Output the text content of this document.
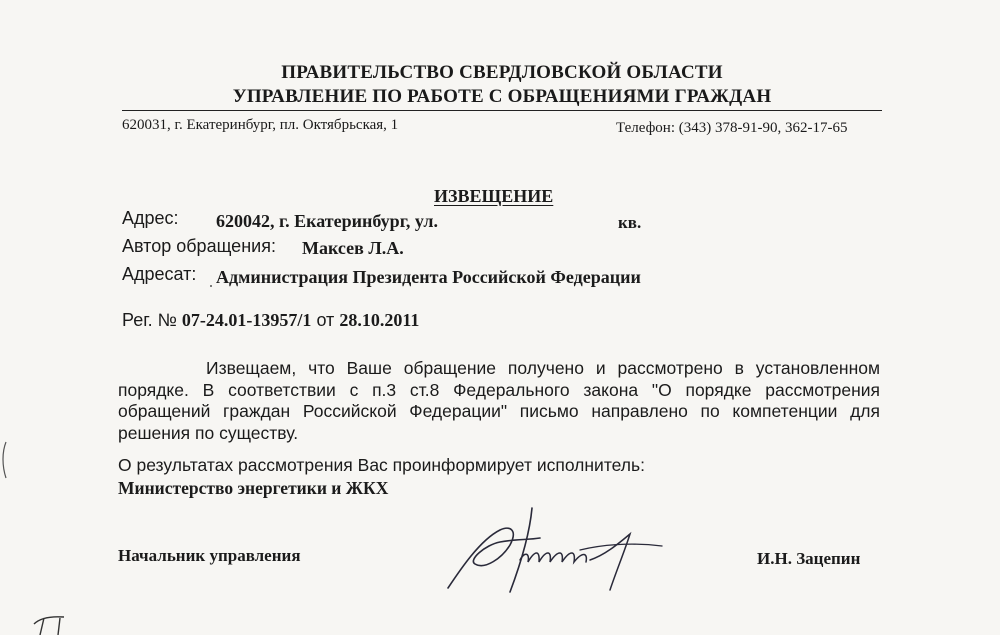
ПРАВИТЕЛЬСТВО СВЕРДЛОВСКОЙ ОБЛАСТИ
УПРАВЛЕНИЕ ПО РАБОТЕ С ОБРАЩЕНИЯМИ ГРАЖДАН
620031, г. Екатеринбург, пл. Октябрьская, 1	Телефон: (343) 378-91-90, 362-17-65
ИЗВЕЩЕНИЕ
Адрес: 620042, г. Екатеринбург, ул.	кв.
Автор обращения: Максев Л.А.
Адресат: Администрация Президента Российской Федерации
Рег. № 07-24.01-13957/1 от 28.10.2011
Извещаем, что Ваше обращение получено и рассмотрено в установленном порядке. В соответствии с п.3 ст.8 Федерального закона "О порядке рассмотрения обращений граждан Российской Федерации" письмо направлено по компетенции для решения по существу.
О результатах рассмотрения Вас проинформирует исполнитель:
Министерство энергетики и ЖКХ
Начальник управления	И.Н. Зацепин
